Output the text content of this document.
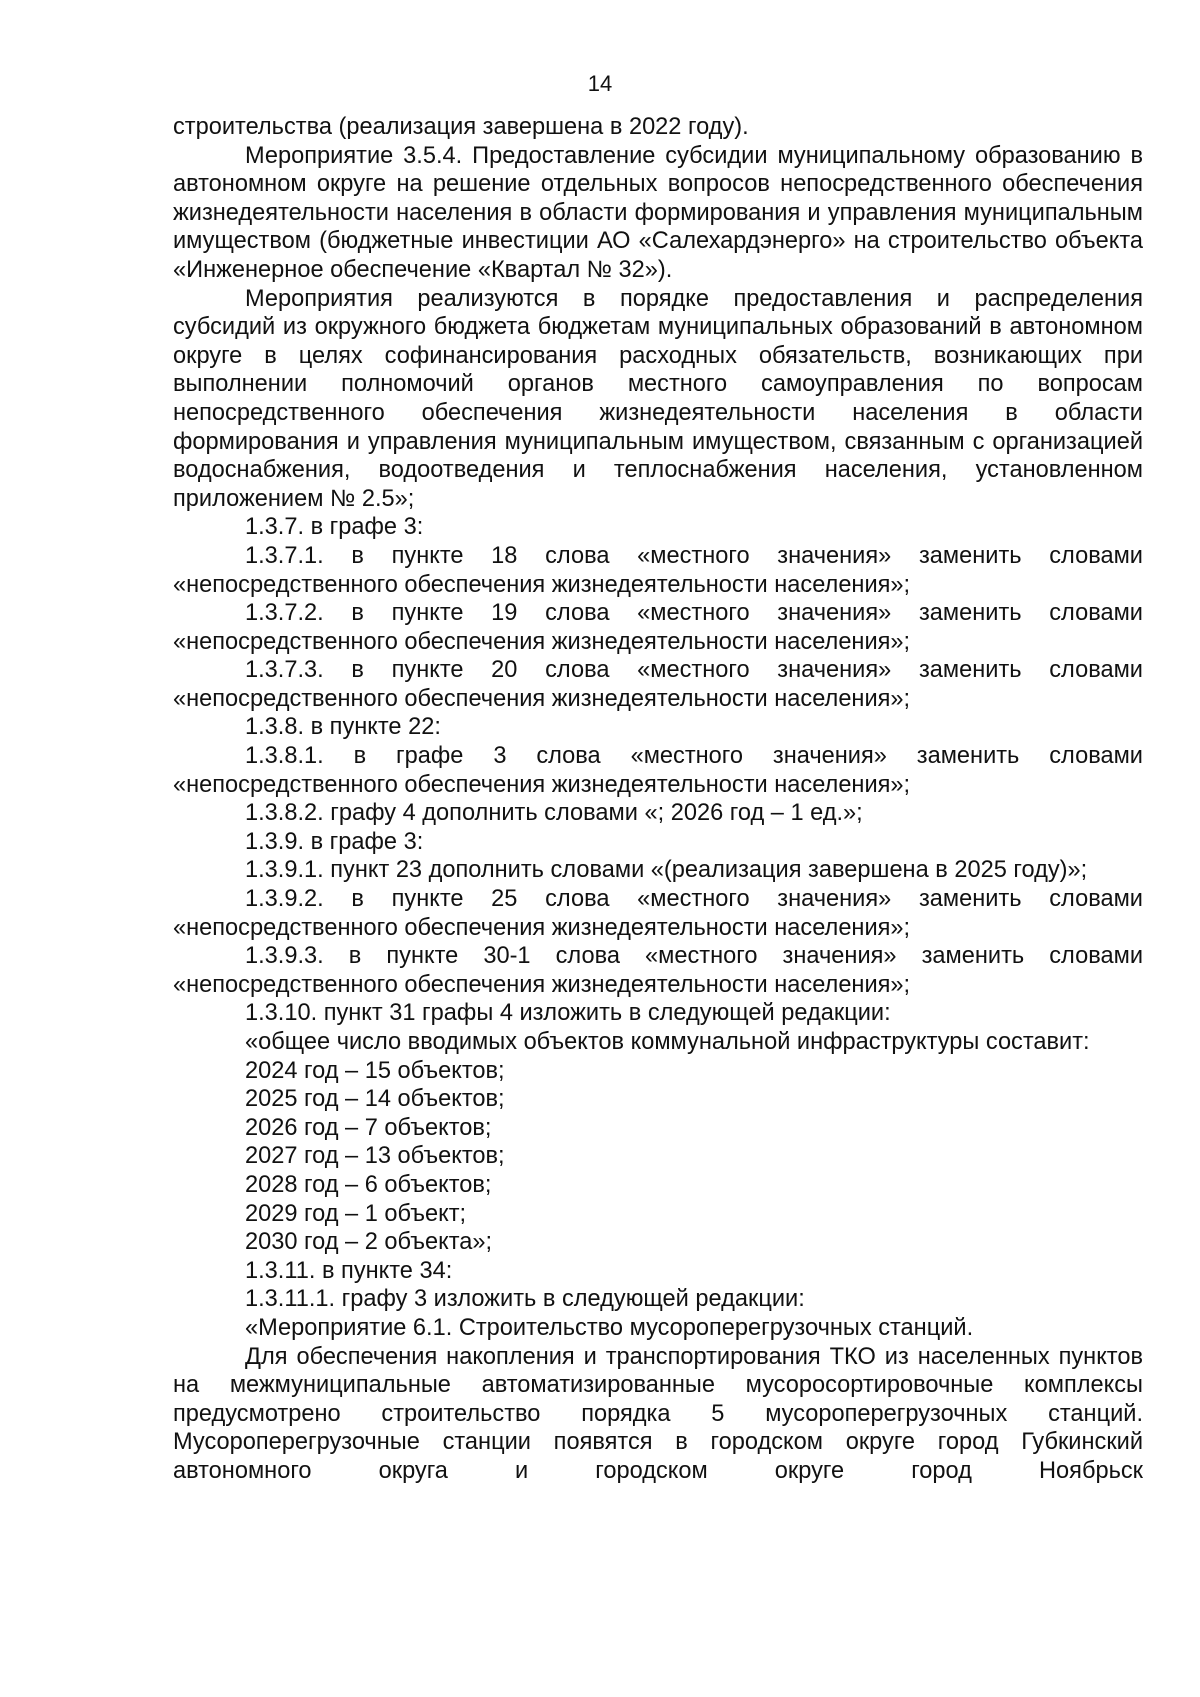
14

строительства (реализация завершена в 2022 году).

Мероприятие 3.5.4. Предоставление субсидии муниципальному образованию в автономном округе на решение отдельных вопросов непосредственного обеспечения жизнедеятельности населения в области формирования и управления муниципальным имуществом (бюджетные инвестиции АО «Салехардэнерго» на строительство объекта «Инженерное обеспечение «Квартал № 32»).

Мероприятия реализуются в порядке предоставления и распределения субсидий из окружного бюджета бюджетам муниципальных образований в автономном округе в целях софинансирования расходных обязательств, возникающих при выполнении полномочий органов местного самоуправления по вопросам непосредственного обеспечения жизнедеятельности населения в области формирования и управления муниципальным имуществом, связанным с организацией водоснабжения, водоотведения и теплоснабжения населения, установленном приложением № 2.5»;

1.3.7. в графе 3:

1.3.7.1. в пункте 18 слова «местного значения» заменить словами «непосредственного обеспечения жизнедеятельности населения»;

1.3.7.2. в пункте 19 слова «местного значения» заменить словами «непосредственного обеспечения жизнедеятельности населения»;

1.3.7.3. в пункте 20 слова «местного значения» заменить словами «непосредственного обеспечения жизнедеятельности населения»;

1.3.8. в пункте 22:

1.3.8.1. в графе 3 слова «местного значения» заменить словами «непосредственного обеспечения жизнедеятельности населения»;

1.3.8.2. графу 4 дополнить словами «; 2026 год – 1 ед.»;

1.3.9. в графе 3:

1.3.9.1. пункт 23 дополнить словами «(реализация завершена в 2025 году)»;

1.3.9.2. в пункте 25 слова «местного значения» заменить словами «непосредственного обеспечения жизнедеятельности населения»;

1.3.9.3. в пункте 30-1 слова «местного значения» заменить словами «непосредственного обеспечения жизнедеятельности населения»;

1.3.10. пункт 31 графы 4 изложить в следующей редакции:

«общее число вводимых объектов коммунальной инфраструктуры составит:

2024 год – 15 объектов;

2025 год – 14 объектов;

2026 год – 7 объектов;

2027 год – 13 объектов;

2028 год – 6 объектов;

2029 год – 1 объект;

2030 год – 2 объекта»;

1.3.11. в пункте 34:

1.3.11.1. графу 3 изложить в следующей редакции:

«Мероприятие 6.1. Строительство мусороперегрузочных станций.

Для обеспечения накопления и транспортирования ТКО из населенных пунктов на межмуниципальные автоматизированные мусоросортировочные комплексы предусмотрено строительство порядка 5 мусороперегрузочных станций. Мусороперегрузочные станции появятся в городском округе город Губкинский автономного округа и городском округе город Ноябрьск
